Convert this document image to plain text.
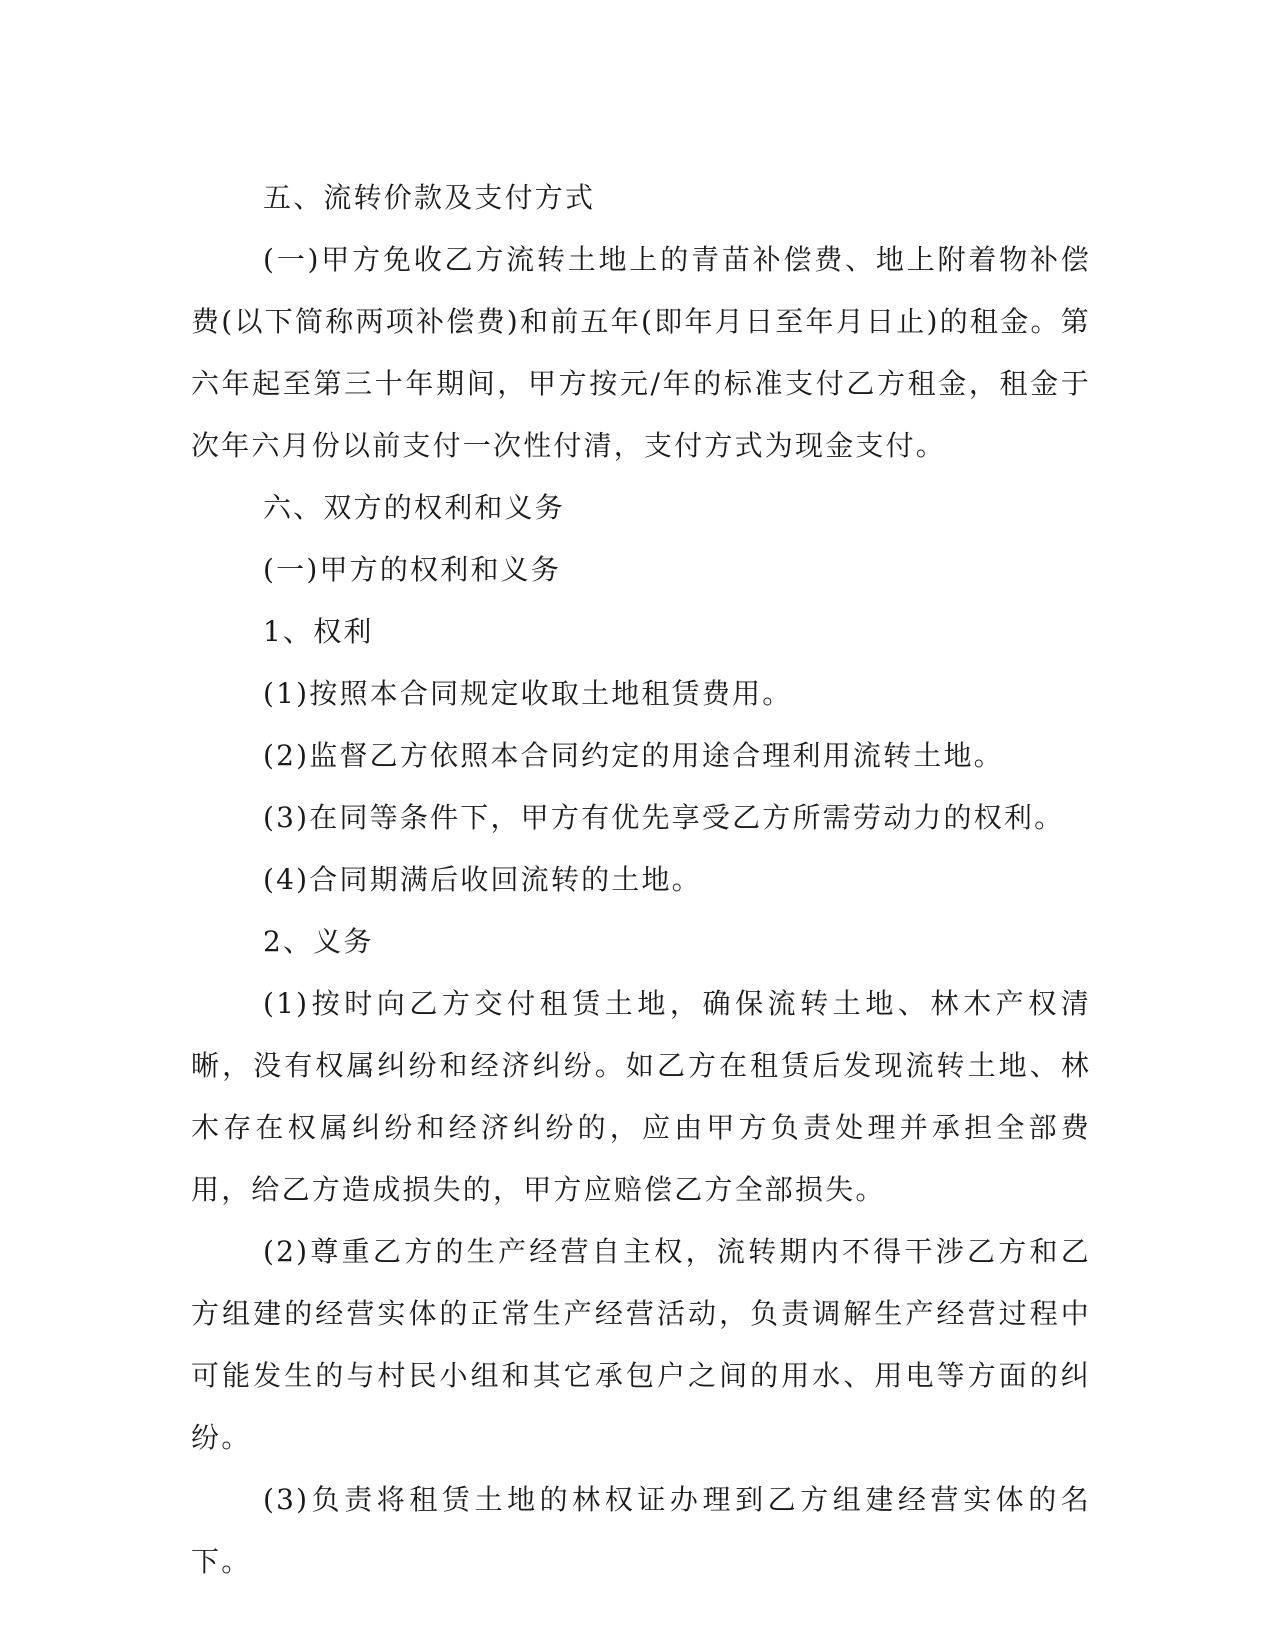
五、流转价款及支付方式

(一)甲方免收乙方流转土地上的青苗补偿费、地上附着物补偿费(以下简称两项补偿费)和前五年(即年月日至年月日止)的租金。第六年起至第三十年期间，甲方按元/年的标准支付乙方租金，租金于次年六月份以前支付一次性付清，支付方式为现金支付。

六、双方的权利和义务

(一)甲方的权利和义务

1、权利

(1)按照本合同规定收取土地租赁费用。

(2)监督乙方依照本合同约定的用途合理利用流转土地。

(3)在同等条件下，甲方有优先享受乙方所需劳动力的权利。

(4)合同期满后收回流转的土地。

2、义务

(1)按时向乙方交付租赁土地，确保流转土地、林木产权清晰，没有权属纠纷和经济纠纷。如乙方在租赁后发现流转土地、林木存在权属纠纷和经济纠纷的，应由甲方负责处理并承担全部费用，给乙方造成损失的，甲方应赔偿乙方全部损失。

(2)尊重乙方的生产经营自主权，流转期内不得干涉乙方和乙方组建的经营实体的正常生产经营活动，负责调解生产经营过程中可能发生的与村民小组和其它承包户之间的用水、用电等方面的纠纷。

(3)负责将租赁土地的林权证办理到乙方组建经营实体的名下。
